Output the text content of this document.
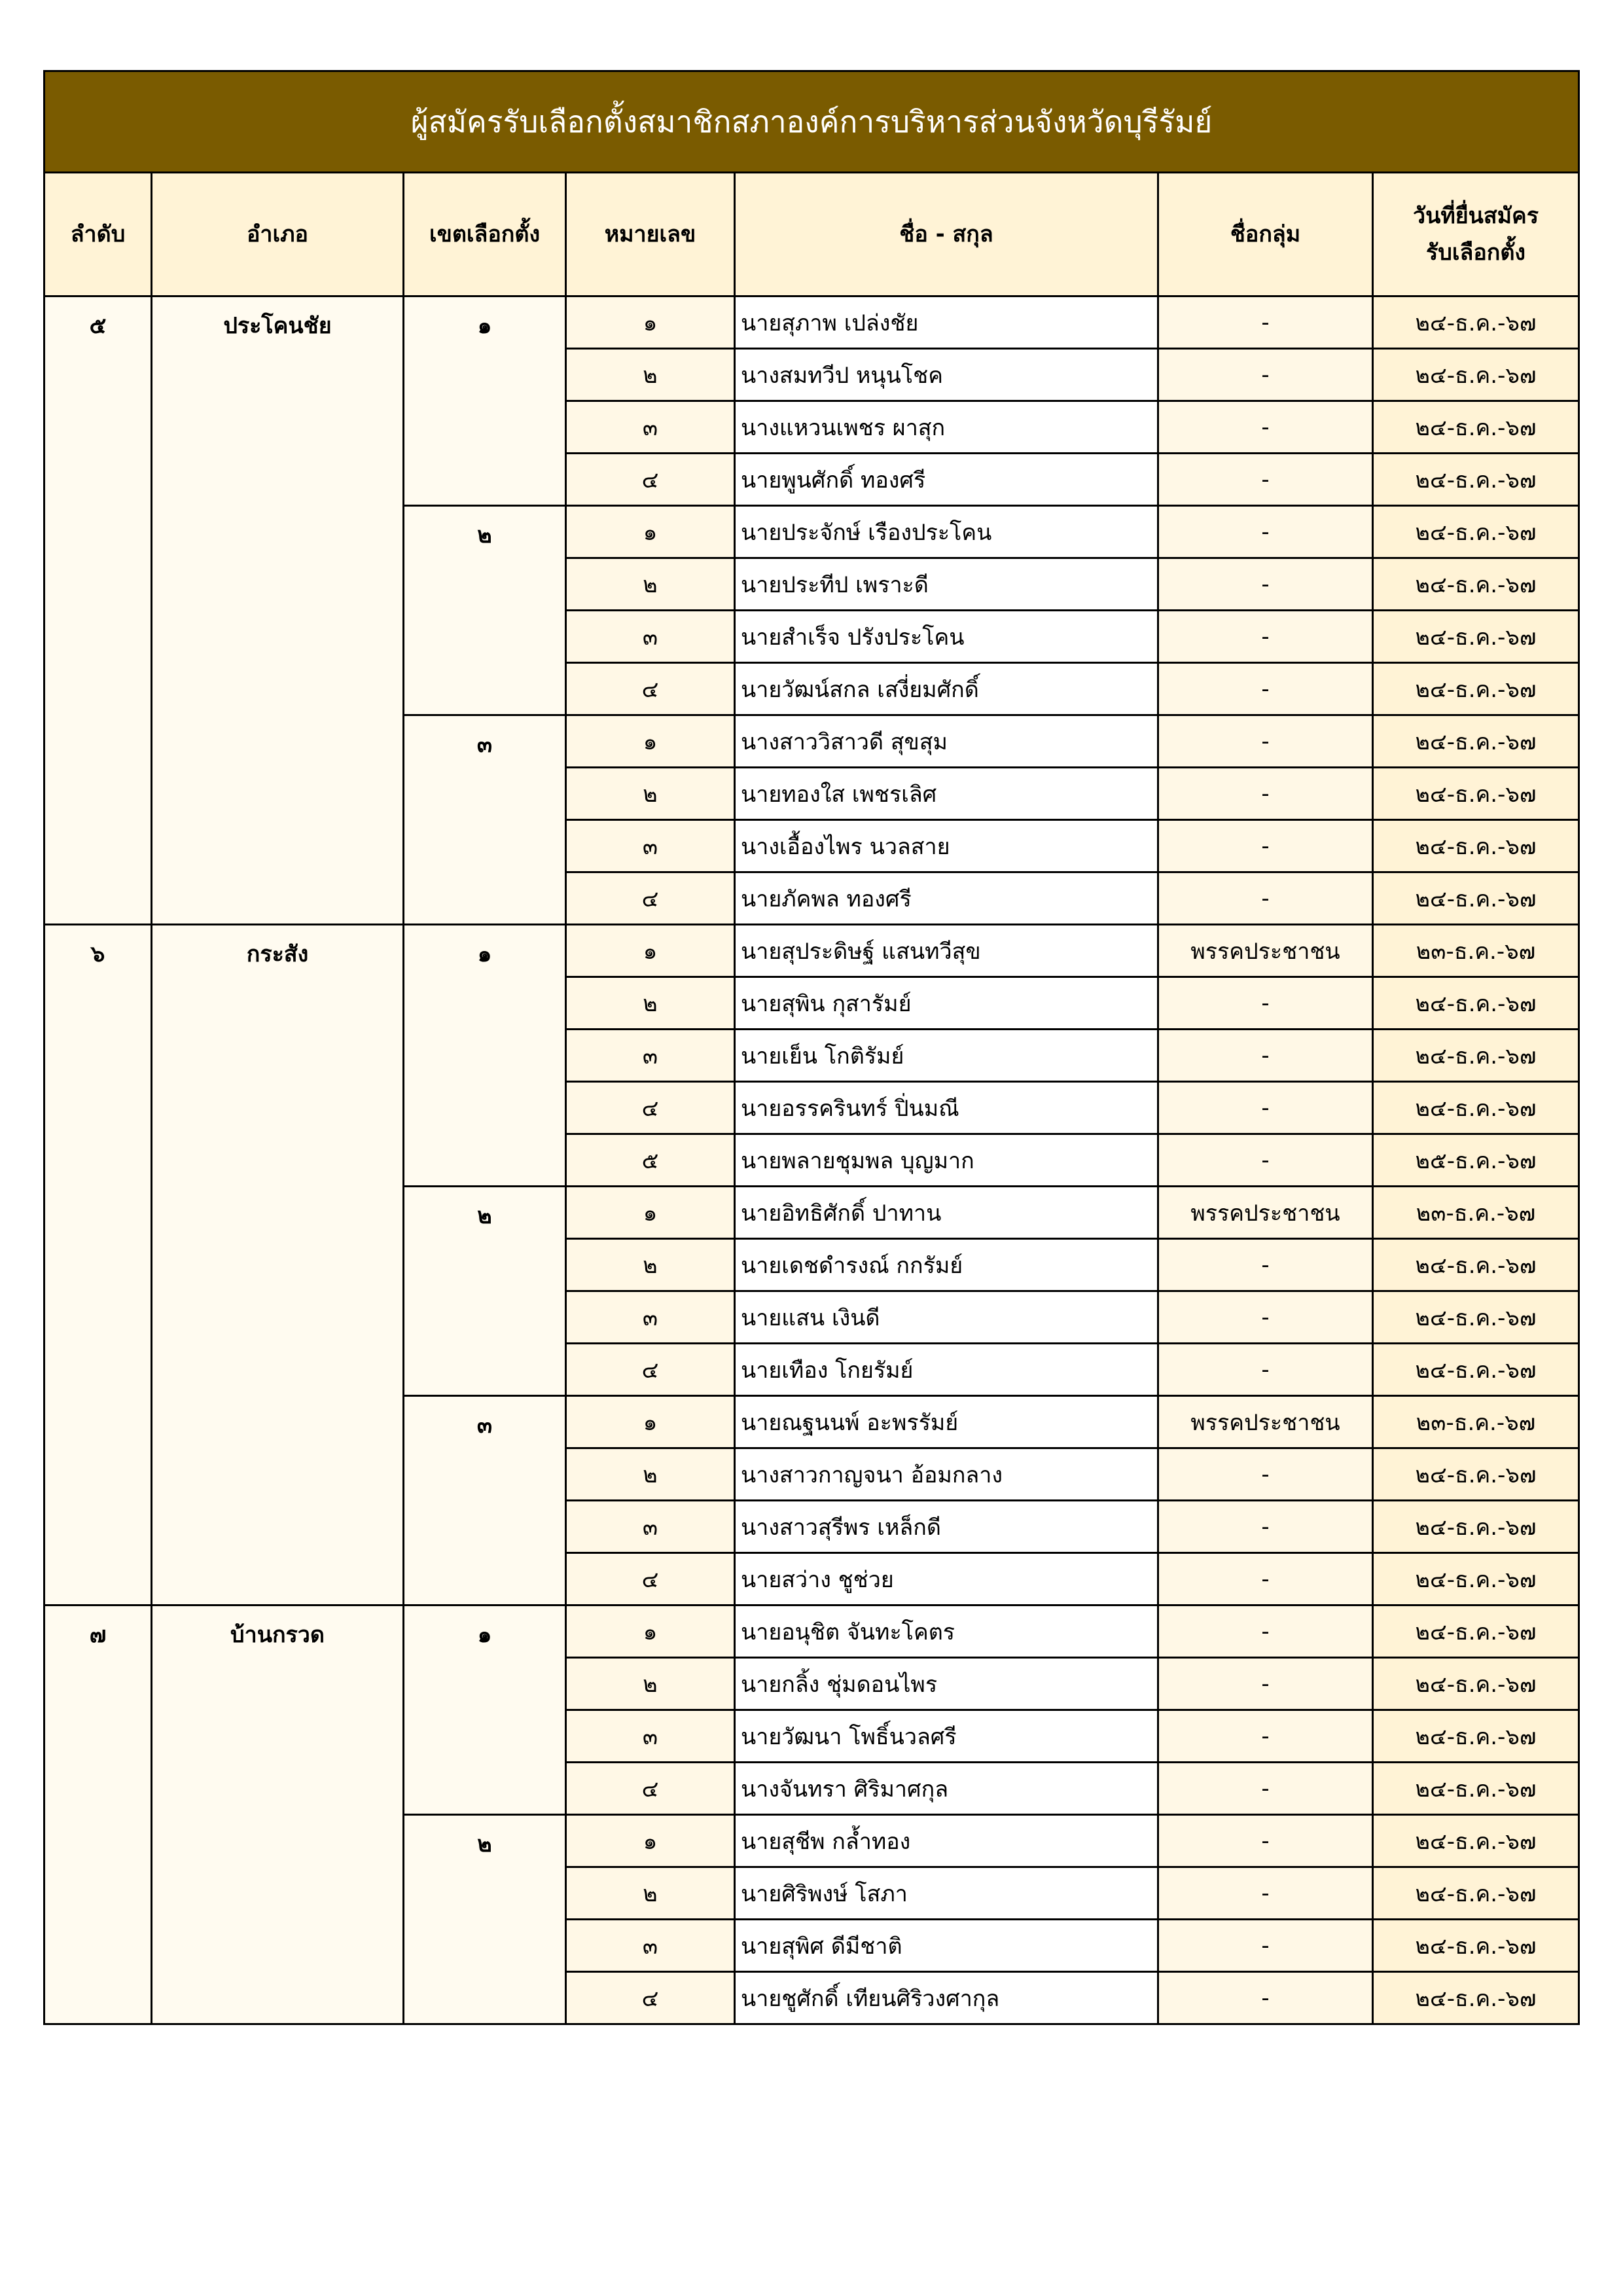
ผู้สมัครรับเลือกตั้งสมาชิกสภาองค์การบริหารส่วนจังหวัดบุรีรัมย์						
ลำดับ	อำเภอ	เขตเลือกตั้ง	หมายเลข	ชื่อ - สกุล	ชื่อกลุ่ม	วันที่ยื่นสมัคร
รับเลือกตั้ง

๕	ประโคนชัย	๑	๑	นายสุภาพ เปล่งชัย	-	๒๔-ธ.ค.-๖๗
			๒	นางสมทวีป หนุนโชค	-	๒๔-ธ.ค.-๖๗
			๓	นางแหวนเพชร ผาสุก	-	๒๔-ธ.ค.-๖๗
			๔	นายพูนศักดิ์ ทองศรี	-	๒๔-ธ.ค.-๖๗
		๒	๑	นายประจักษ์ เรืองประโคน	-	๒๔-ธ.ค.-๖๗
			๒	นายประทีป เพราะดี	-	๒๔-ธ.ค.-๖๗
			๓	นายสำเร็จ ปรังประโคน	-	๒๔-ธ.ค.-๖๗
			๔	นายวัฒน์สกล เสงี่ยมศักดิ์	-	๒๔-ธ.ค.-๖๗
		๓	๑	นางสาววิสาวดี สุขสุม	-	๒๔-ธ.ค.-๖๗
			๒	นายทองใส เพชรเลิศ	-	๒๔-ธ.ค.-๖๗
			๓	นางเอื้องไพร นวลสาย	-	๒๔-ธ.ค.-๖๗
			๔	นายภัคพล ทองศรี	-	๒๔-ธ.ค.-๖๗
๖	กระสัง	๑	๑	นายสุประดิษฐ์ แสนทวีสุข	พรรคประชาชน	๒๓-ธ.ค.-๖๗
			๒	นายสุพิน กุสารัมย์	-	๒๔-ธ.ค.-๖๗
			๓	นายเย็น โกติรัมย์	-	๒๔-ธ.ค.-๖๗
			๔	นายอรรครินทร์ ปิ่นมณี	-	๒๔-ธ.ค.-๖๗
			๕	นายพลายชุมพล บุญมาก	-	๒๕-ธ.ค.-๖๗
		๒	๑	นายอิทธิศักดิ์ ปาทาน	พรรคประชาชน	๒๓-ธ.ค.-๖๗
			๒	นายเดชดำรงณ์ กกรัมย์	-	๒๔-ธ.ค.-๖๗
			๓	นายแสน เงินดี	-	๒๔-ธ.ค.-๖๗
			๔	นายเทือง โกยรัมย์	-	๒๔-ธ.ค.-๖๗
		๓	๑	นายณฐนนพ์ อะพรรัมย์	พรรคประชาชน	๒๓-ธ.ค.-๖๗
			๒	นางสาวกาญจนา อ้อมกลาง	-	๒๔-ธ.ค.-๖๗
			๓	นางสาวสุรีพร เหล็กดี	-	๒๔-ธ.ค.-๖๗
			๔	นายสว่าง ชูช่วย	-	๒๔-ธ.ค.-๖๗
๗	บ้านกรวด	๑	๑	นายอนุชิต จันทะโคตร	-	๒๔-ธ.ค.-๖๗
			๒	นายกลิ้ง ชุ่มดอนไพร	-	๒๔-ธ.ค.-๖๗
			๓	นายวัฒนา โพธิ์นวลศรี	-	๒๔-ธ.ค.-๖๗
			๔	นางจันทรา ศิริมาศกุล	-	๒๔-ธ.ค.-๖๗
		๒	๑	นายสุชีพ กล้ำทอง	-	๒๔-ธ.ค.-๖๗
			๒	นายศิริพงษ์ โสภา	-	๒๔-ธ.ค.-๖๗
			๓	นายสุพิศ ดีมีชาติ	-	๒๔-ธ.ค.-๖๗
			๔	นายชูศักดิ์ เทียนศิริวงศากุล	-	๒๔-ธ.ค.-๖๗
